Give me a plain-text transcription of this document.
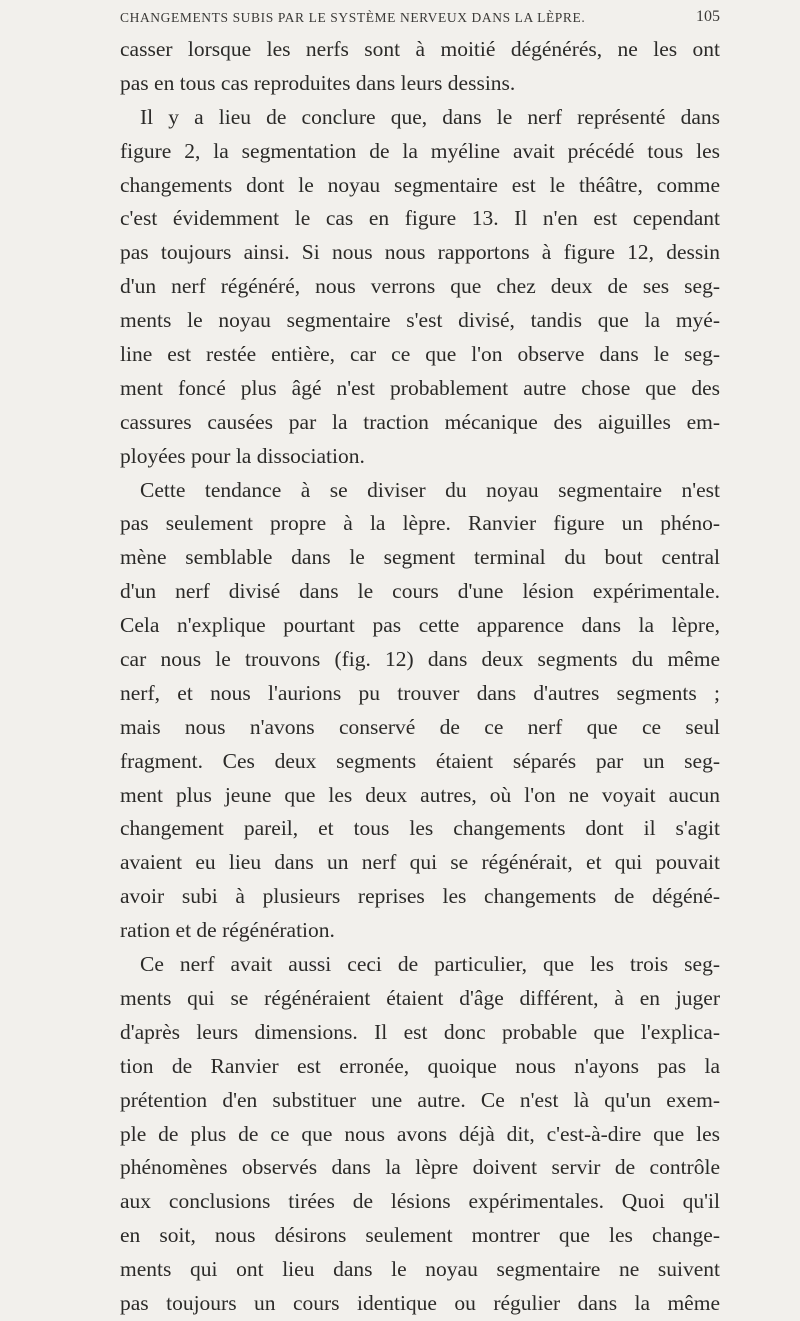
CHANGEMENTS SUBIS PAR LE SYSTÈME NERVEUX DANS LA LÈPRE.	105
casser lorsque les nerfs sont à moitié dégénérés, ne les ont
pas en tous cas reproduites dans leurs dessins.
Il y a lieu de conclure que, dans le nerf représenté dans
figure 2, la segmentation de la myéline avait précédé tous les
changements dont le noyau segmentaire est le théâtre, comme
c'est évidemment le cas en figure 13. Il n'en est cependant
pas toujours ainsi. Si nous nous rapportons à figure 12, dessin
d'un nerf régénéré, nous verrons que chez deux de ses seg-
ments le noyau segmentaire s'est divisé, tandis que la myé-
line est restée entière, car ce que l'on observe dans le seg-
ment foncé plus âgé n'est probablement autre chose que des
cassures causées par la traction mécanique des aiguilles em-
ployées pour la dissociation.
Cette tendance à se diviser du noyau segmentaire n'est
pas seulement propre à la lèpre. Ranvier figure un phéno-
mène semblable dans le segment terminal du bout central
d'un nerf divisé dans le cours d'une lésion expérimentale.
Cela n'explique pourtant pas cette apparence dans la lèpre,
car nous le trouvons (fig. 12) dans deux segments du même
nerf, et nous l'aurions pu trouver dans d'autres segments ;
mais nous n'avons conservé de ce nerf que ce seul
fragment. Ces deux segments étaient séparés par un seg-
ment plus jeune que les deux autres, où l'on ne voyait aucun
changement pareil, et tous les changements dont il s'agit
avaient eu lieu dans un nerf qui se régénérait, et qui pouvait
avoir subi à plusieurs reprises les changements de dégéné-
ration et de régénération.
Ce nerf avait aussi ceci de particulier, que les trois seg-
ments qui se régénéraient étaient d'âge différent, à en juger
d'après leurs dimensions. Il est donc probable que l'explica-
tion de Ranvier est erronée, quoique nous n'ayons pas la
prétention d'en substituer une autre. Ce n'est là qu'un exem-
ple de plus de ce que nous avons déjà dit, c'est-à-dire que les
phénomènes observés dans la lèpre doivent servir de contrôle
aux conclusions tirées de lésions expérimentales. Quoi qu'il
en soit, nous désirons seulement montrer que les change-
ments qui ont lieu dans le noyau segmentaire ne suivent
pas toujours un cours identique ou régulier dans la même
